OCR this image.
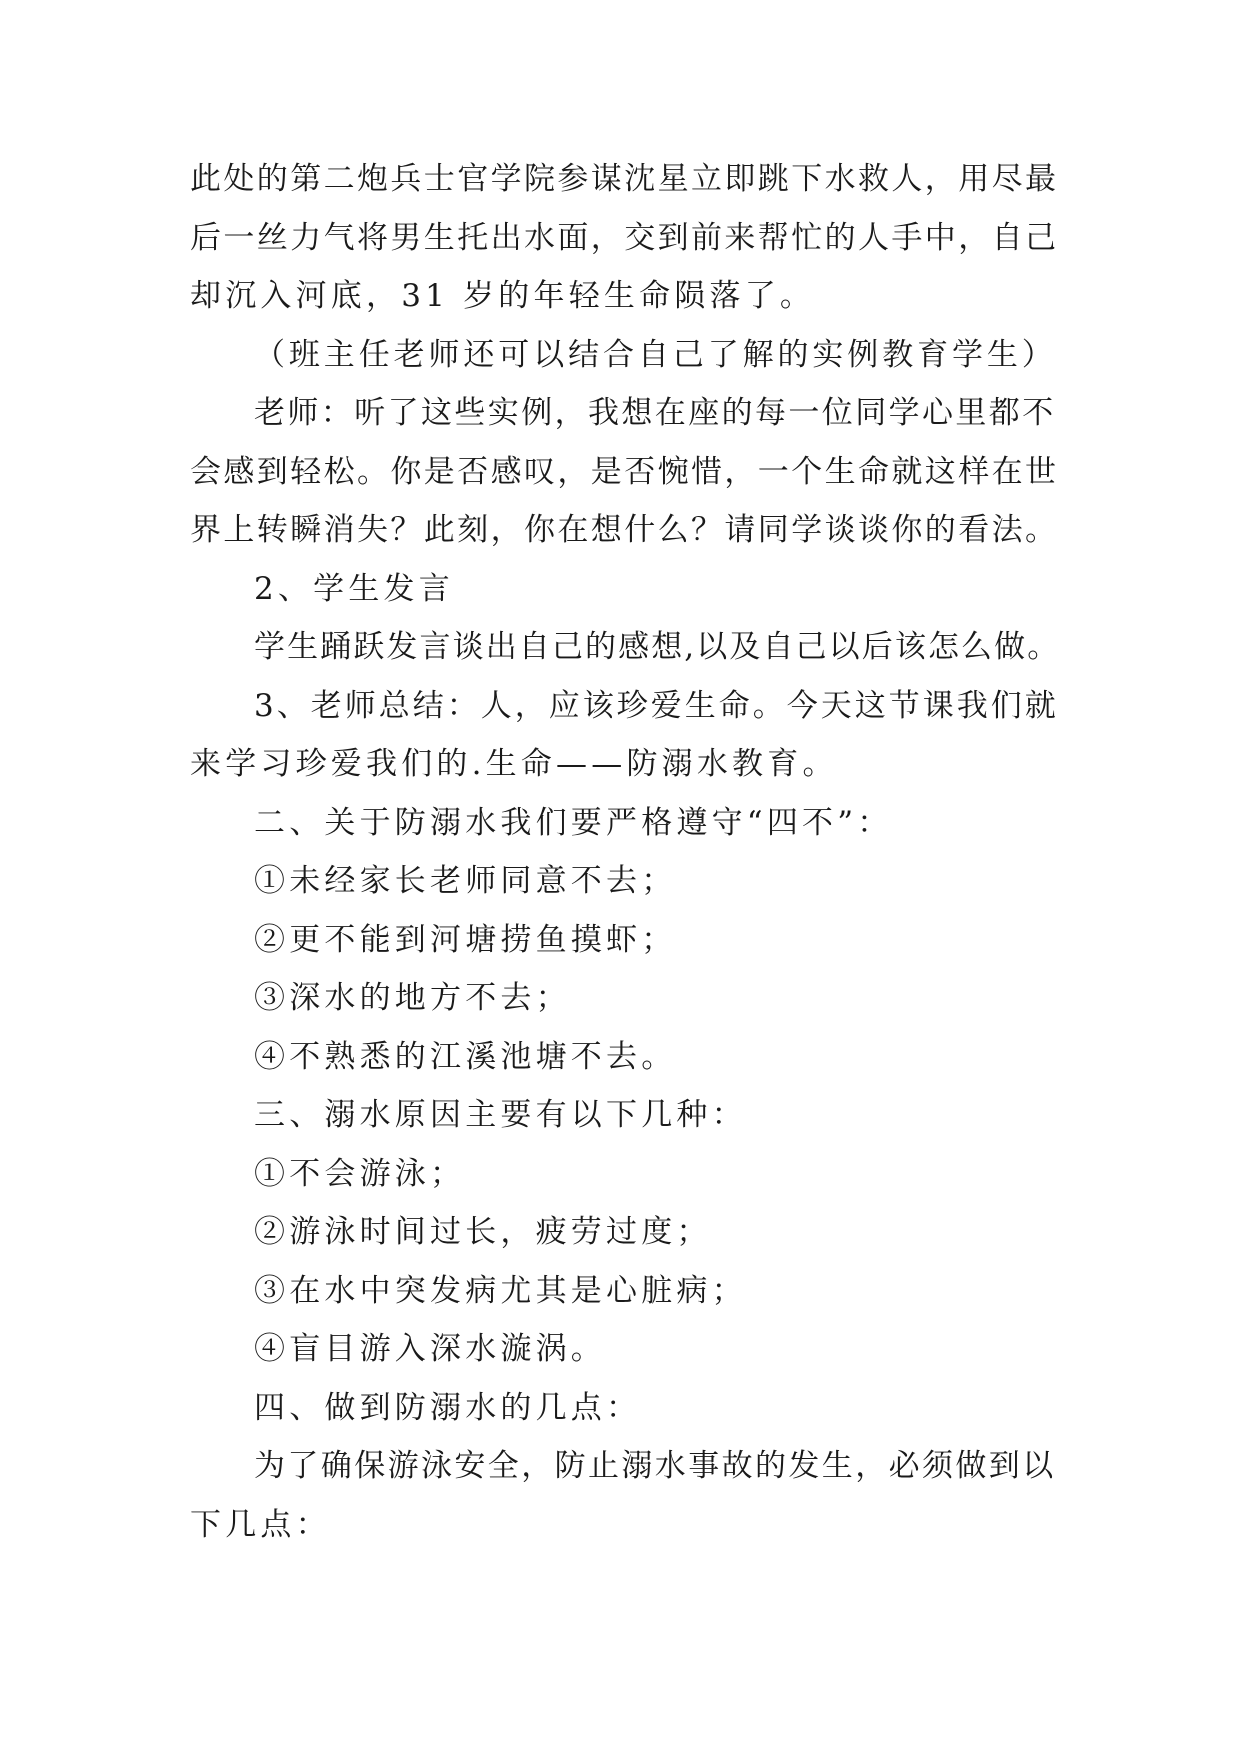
此处的第二炮兵士官学院参谋沈星立即跳下水救人，用尽最
后一丝力气将男生托出水面，交到前来帮忙的人手中，自己
却沉入河底，31 岁的年轻生命陨落了。
（班主任老师还可以结合自己了解的实例教育学生）
老师：听了这些实例，我想在座的每一位同学心里都不
会感到轻松。你是否感叹，是否惋惜，一个生命就这样在世
界上转瞬消失？此刻，你在想什么？请同学谈谈你的看法。
2、学生发言
学生踊跃发言谈出自己的感想,以及自己以后该怎么做。
3、老师总结：人，应该珍爱生命。今天这节课我们就
来学习珍爱我们的.生命——防溺水教育。
二、关于防溺水我们要严格遵守“四不”：
①未经家长老师同意不去；
②更不能到河塘捞鱼摸虾；
③深水的地方不去；
④不熟悉的江溪池塘不去。
三、溺水原因主要有以下几种：
①不会游泳；
②游泳时间过长，疲劳过度；
③在水中突发病尤其是心脏病；
④盲目游入深水漩涡。
四、做到防溺水的几点：
为了确保游泳安全，防止溺水事故的发生，必须做到以
下几点：
